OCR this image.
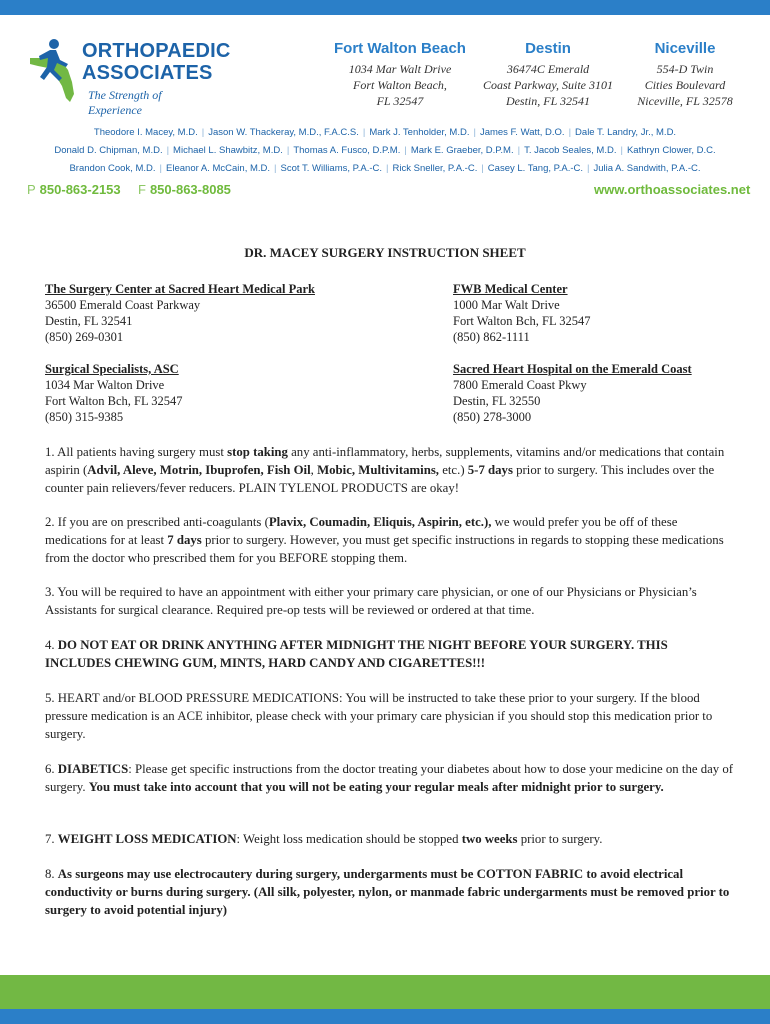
ORTHOPAEDIC
ASSOCIATES
The Strength of Experience
Fort Walton Beach
1034 Mar Walt Drive
Fort Walton Beach,
FL 32547
Destin
36474C Emerald
Coast Parkway, Suite 3101
Destin, FL 32541
Niceville
554-D Twin
Cities Boulevard
Niceville, FL 32578
Theodore I. Macey, M.D. | Jason W. Thackeray, M.D., F.A.C.S. | Mark J. Tenholder, M.D. | James F. Watt, D.O. | Dale T. Landry, Jr., M.D.
Donald D. Chipman, M.D. | Michael L. Shawbitz, M.D. | Thomas A. Fusco, D.P.M. | Mark E. Graeber, D.P.M. | T. Jacob Seales, M.D. | Kathryn Clower, D.C.
Brandon Cook, M.D. | Eleanor A. McCain, M.D. | Scot T. Williams, P.A.-C. | Rick Sneller, P.A.-C. | Casey L. Tang, P.A.-C. | Julia A. Sandwith, P.A.-C.
P 850-863-2153 F 850-863-8085	www.orthoassociates.net
DR. MACEY SURGERY INSTRUCTION SHEET
The Surgery Center at Sacred Heart Medical Park
36500 Emerald Coast Parkway
Destin, FL 32541
(850) 269-0301
FWB Medical Center
1000 Mar Walt Drive
Fort Walton Bch, FL 32547
(850) 862-1111
Surgical Specialists, ASC
1034 Mar Walton Drive
Fort Walton Bch, FL 32547
(850) 315-9385
Sacred Heart Hospital on the Emerald Coast
7800 Emerald Coast Pkwy
Destin, FL 32550
(850) 278-3000
1. All patients having surgery must stop taking any anti-inflammatory, herbs, supplements, vitamins and/or medications that contain aspirin (Advil, Aleve, Motrin, Ibuprofen, Fish Oil, Mobic, Multivitamins, etc.) 5-7 days prior to surgery. This includes over the counter pain relievers/fever reducers. PLAIN TYLENOL PRODUCTS are okay!
2. If you are on prescribed anti-coagulants (Plavix, Coumadin, Eliquis, Aspirin, etc.), we would prefer you be off of these medications for at least 7 days prior to surgery. However, you must get specific instructions in regards to stopping these medications from the doctor who prescribed them for you BEFORE stopping them.
3. You will be required to have an appointment with either your primary care physician, or one of our Physicians or Physician’s Assistants for surgical clearance. Required pre-op tests will be reviewed or ordered at that time.
4. DO NOT EAT OR DRINK ANYTHING AFTER MIDNIGHT THE NIGHT BEFORE YOUR SURGERY. THIS INCLUDES CHEWING GUM, MINTS, HARD CANDY AND CIGARETTES!!!
5. HEART and/or BLOOD PRESSURE MEDICATIONS: You will be instructed to take these prior to your surgery. If the blood pressure medication is an ACE inhibitor, please check with your primary care physician if you should stop this medication prior to surgery.
6. DIABETICS: Please get specific instructions from the doctor treating your diabetes about how to dose your medicine on the day of surgery. You must take into account that you will not be eating your regular meals after midnight prior to surgery.
7. WEIGHT LOSS MEDICATION: Weight loss medication should be stopped two weeks prior to surgery.
8. As surgeons may use electrocautery during surgery, undergarments must be COTTON FABRIC to avoid electrical conductivity or burns during surgery. (All silk, polyester, nylon, or manmade fabric undergarments must be removed prior to surgery to avoid potential injury)
